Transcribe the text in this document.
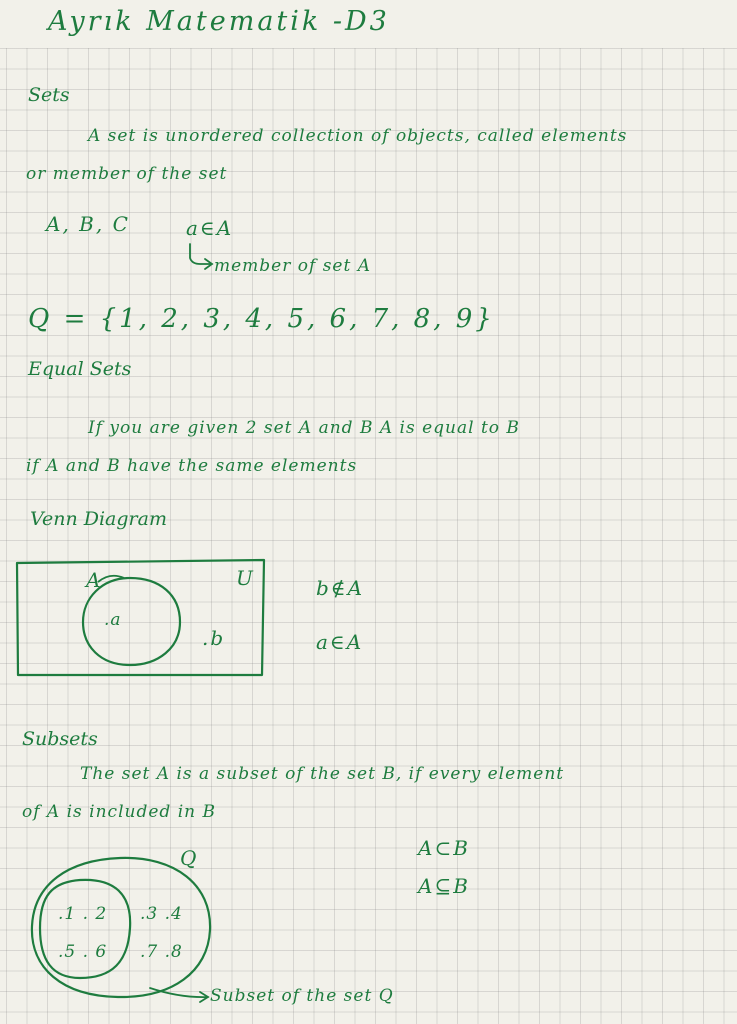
Ayrık Matematik -D3
Sets
A set is unordered collection of objects, called elements
or member of the set
A, B, C	a∈A
member of set A
Q = {1, 2, 3, 4, 5, 6, 7, 8, 9}
Equal Sets
If you are given 2 set A and B A is equal to B
if A and B have the same elements
Venn Diagram
A	U
.a
.b
b∉A
a∈A
Subsets
The set A is a subset of the set B, if every element
of A is included in B
A⊂B
A⊆B
Q
.1 . 2
.5 . 6
.3 .4
.7 .8
Subset of the set Q
